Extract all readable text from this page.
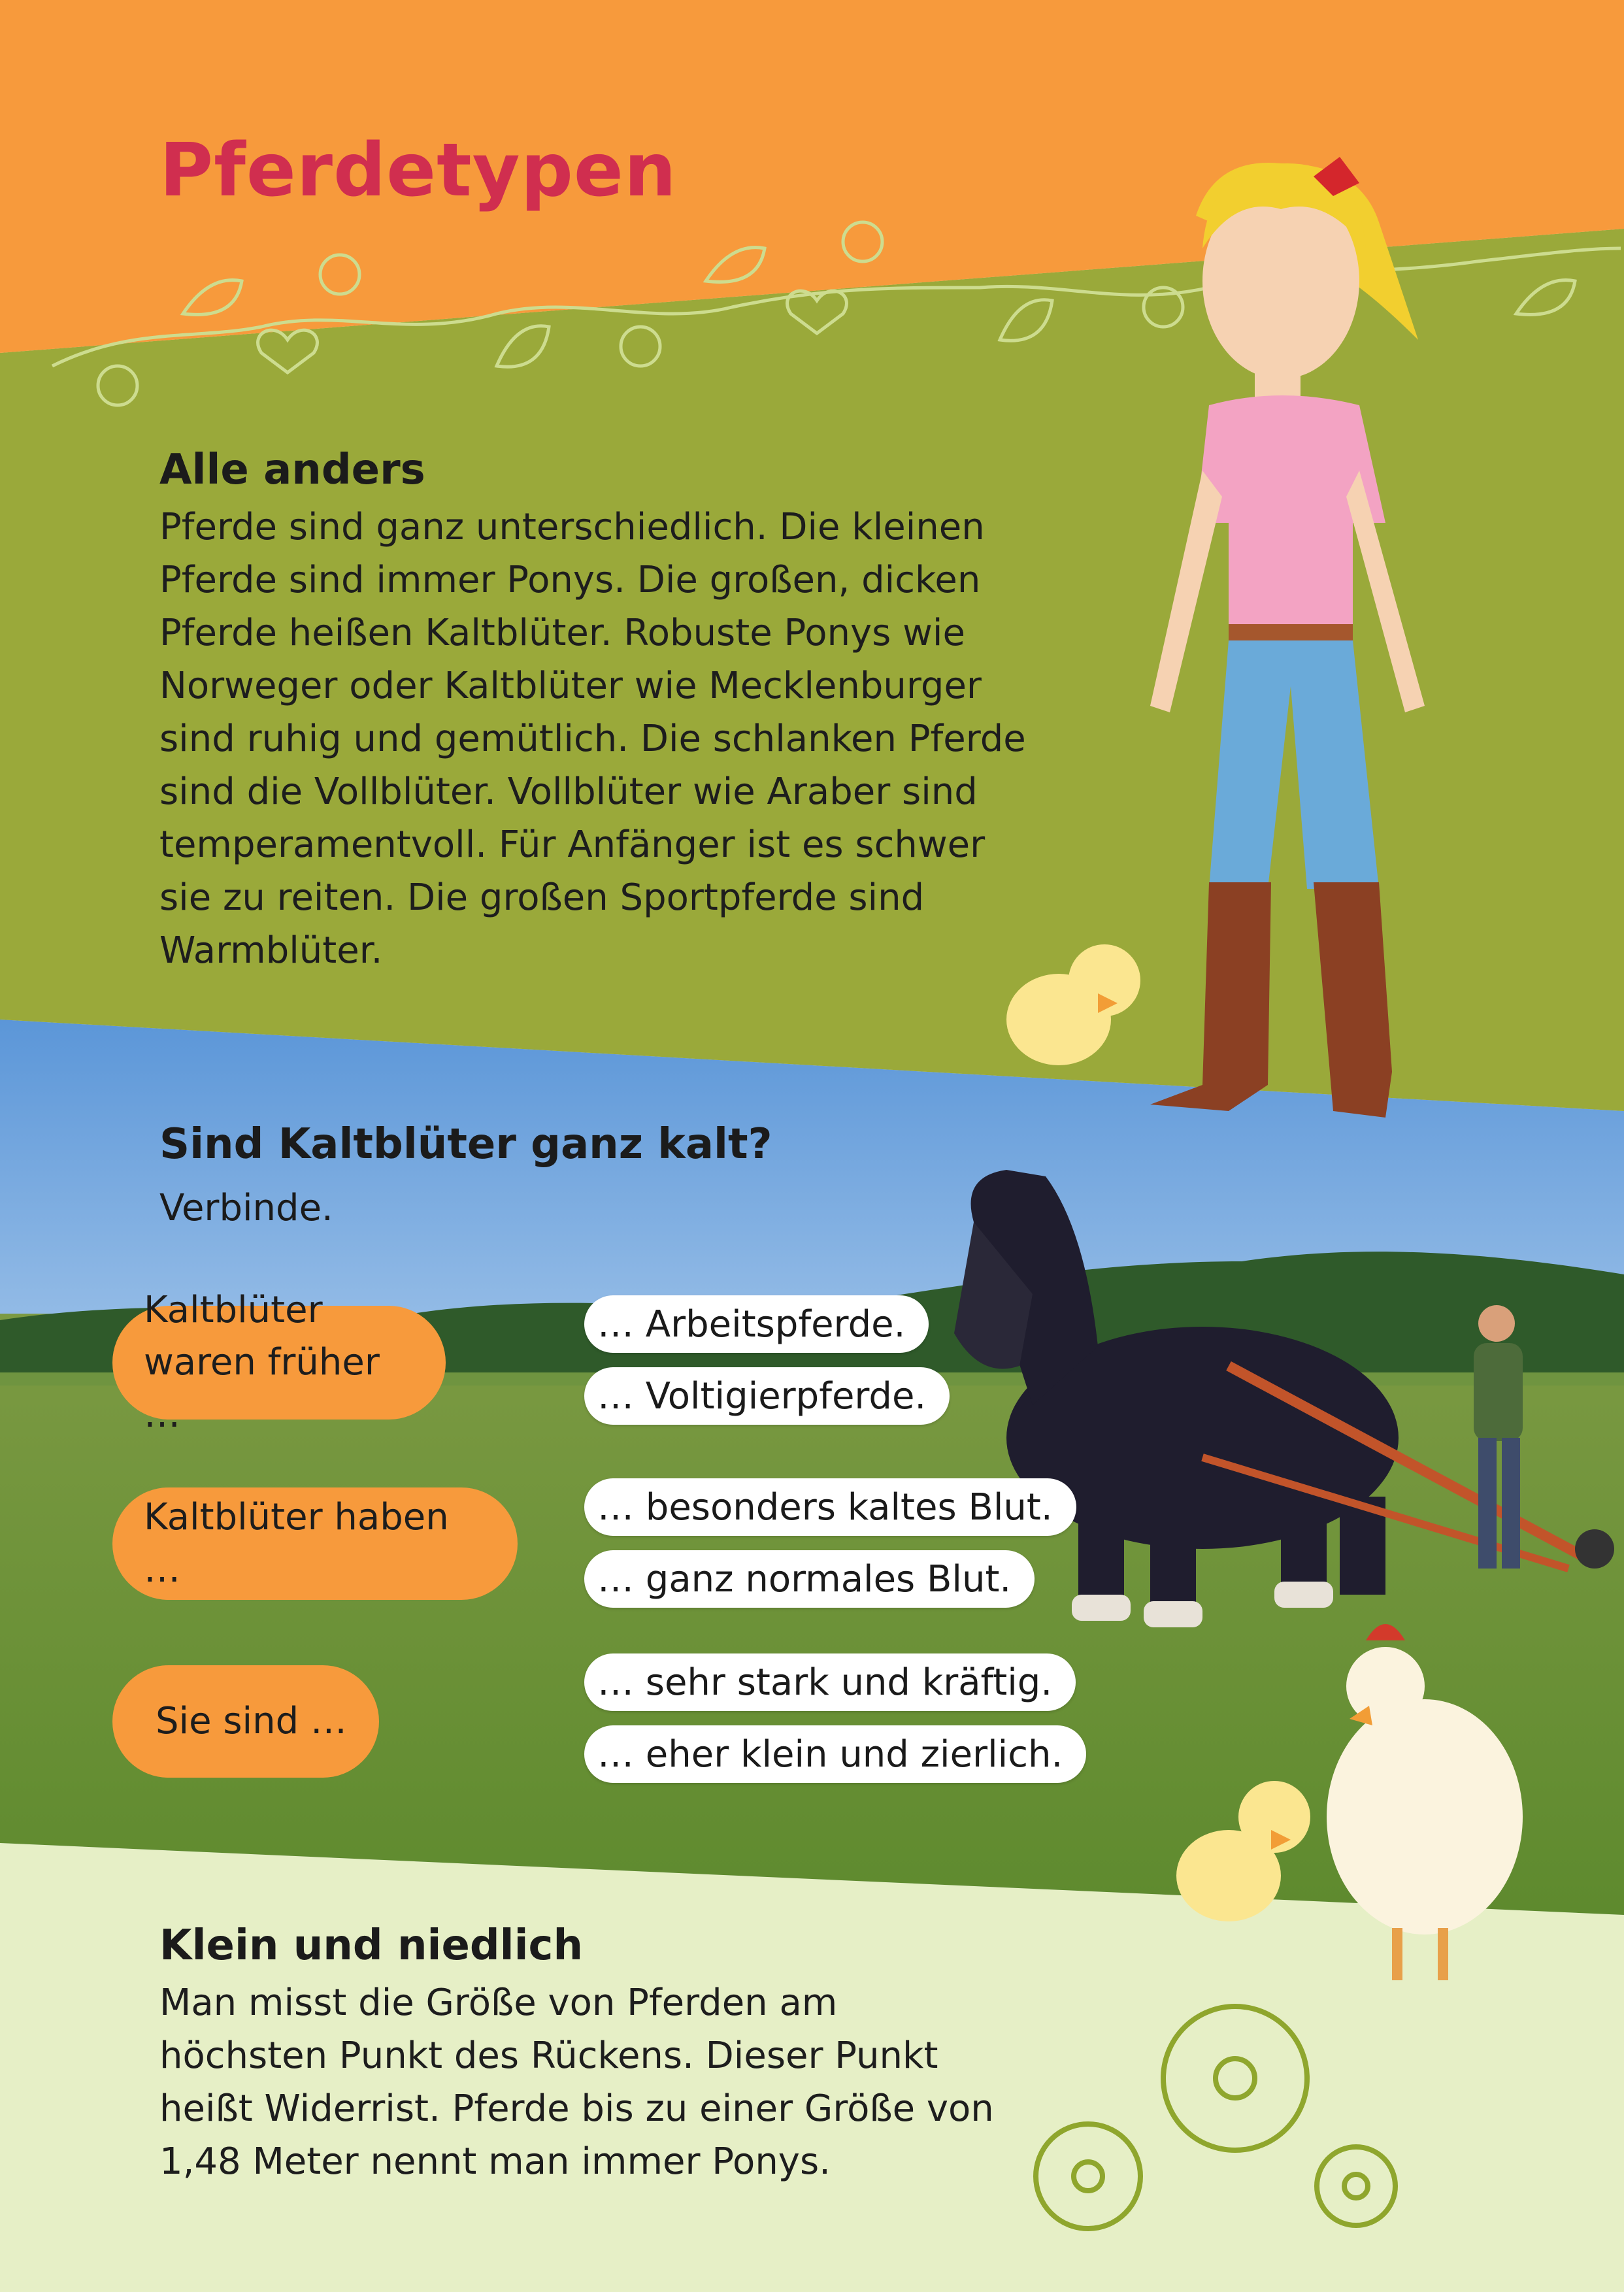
Pferdetypen
Alle anders
Pferde sind ganz unterschiedlich. Die kleinen
Pferde sind immer Ponys. Die großen, dicken
Pferde heißen Kaltblüter. Robuste Ponys wie
Norweger oder Kaltblüter wie Mecklenburger
sind ruhig und gemütlich. Die schlanken Pferde
sind die Vollblüter. Vollblüter wie Araber sind
temperamentvoll. Für Anfänger ist es schwer
sie zu reiten. Die großen Sportpferde sind
Warmblüter.
Sind Kaltblüter ganz kalt?

Verbinde.

Kaltblüter
waren früher …
Kaltblüter haben …
Sie sind …
… Arbeitspferde.
… Voltigierpferde.
… besonders kaltes Blut.
… ganz normales Blut.
… sehr stark und kräftig.
… eher klein und zierlich.
Klein und niedlich
Man misst die Größe von Pferden am
höchsten Punkt des Rückens. Dieser Punkt
heißt Widerrist. Pferde bis zu einer Größe von
1,48 Meter nennt man immer Ponys.
